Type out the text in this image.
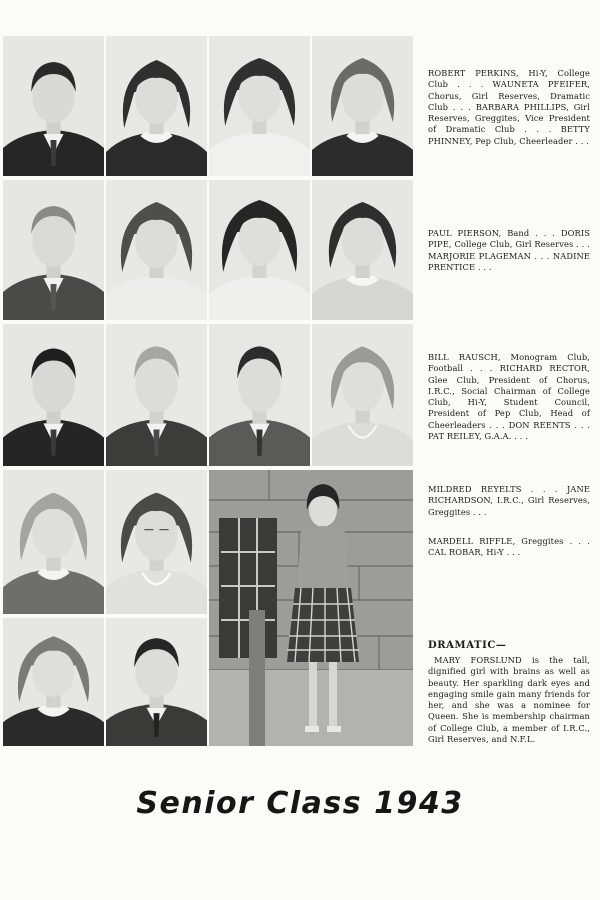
ROBERT PERKINS, Hi-Y, College Club . . . WAUNETA PFEIFER, Chorus, Girl Reserves, Dramatic Club . . . BARBARA PHILLIPS, Girl Reserves, Greggites, Vice President of Dramatic Club . . . BETTY PHINNEY, Pep Club, Cheerleader . . .

PAUL PIERSON, Band . . . DORIS PIPE, College Club, Girl Reserves . . . MARJORIE PLAGEMAN . . . NADINE PRENTICE . . .

BILL RAUSCH, Monogram Club, Football . . . RICHARD RECTOR, Glee Club, President of Chorus, I.R.C., Social Chairman of College Club, Hi-Y, Student Council, President of Pep Club, Head of Cheerleaders . . . DON REENTS . . . PAT REILEY, G.A.A. . . .

MILDRED REYELTS . . . JANE RICHARDSON, I.R.C., Girl Reserves, Greggites . . .

MARDELL RIFFLE, Greggites . . . CAL ROBAR, Hi-Y . . .

DRAMATIC—

MARY FORSLUND is the tall, dignified girl with brains as well as beauty. Her sparkling dark eyes and engaging smile gain many friends for her, and she was a nominee for Queen. She is membership chairman of College Club, a member of I.R.C., Girl Reserves, and N.F.L.

Senior Class 1943
